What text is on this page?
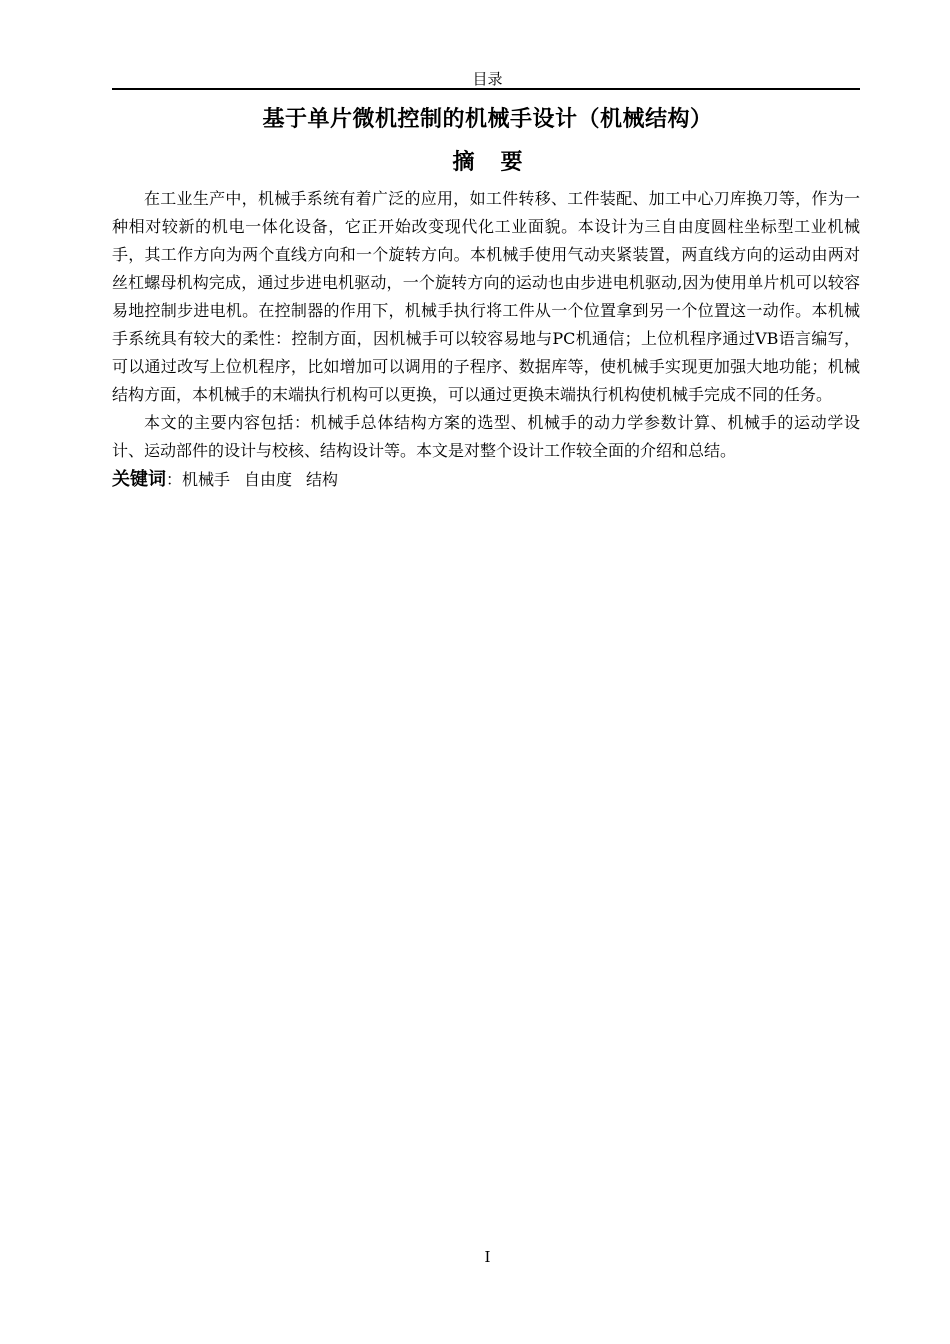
目录
基于单片微机控制的机械手设计（机械结构）
摘要

在工业生产中，机械手系统有着广泛的应用，如工件转移、工件装配、加工中心刀库换刀等，作为一种相对较新的机电一体化设备，它正开始改变现代化工业面貌。本设计为三自由度圆柱坐标型工业机械手，其工作方向为两个直线方向和一个旋转方向。本机械手使用气动夹紧装置，两直线方向的运动由两对丝杠螺母机构完成，通过步进电机驱动，一个旋转方向的运动也由步进电机驱动,因为使用单片机可以较容易地控制步进电机。在控制器的作用下，机械手执行将工件从一个位置拿到另一个位置这一动作。本机械手系统具有较大的柔性：控制方面，因机械手可以较容易地与PC机通信；上位机程序通过VB语言编写，可以通过改写上位机程序，比如增加可以调用的子程序、数据库等，使机械手实现更加强大地功能；机械结构方面，本机械手的末端执行机构可以更换，可以通过更换末端执行机构使机械手完成不同的任务。

本文的主要内容包括：机械手总体结构方案的选型、机械手的动力学参数计算、机械手的运动学设计、运动部件的设计与校核、结构设计等。本文是对整个设计工作较全面的介绍和总结。

关键词：机械手 自由度 结构

I
